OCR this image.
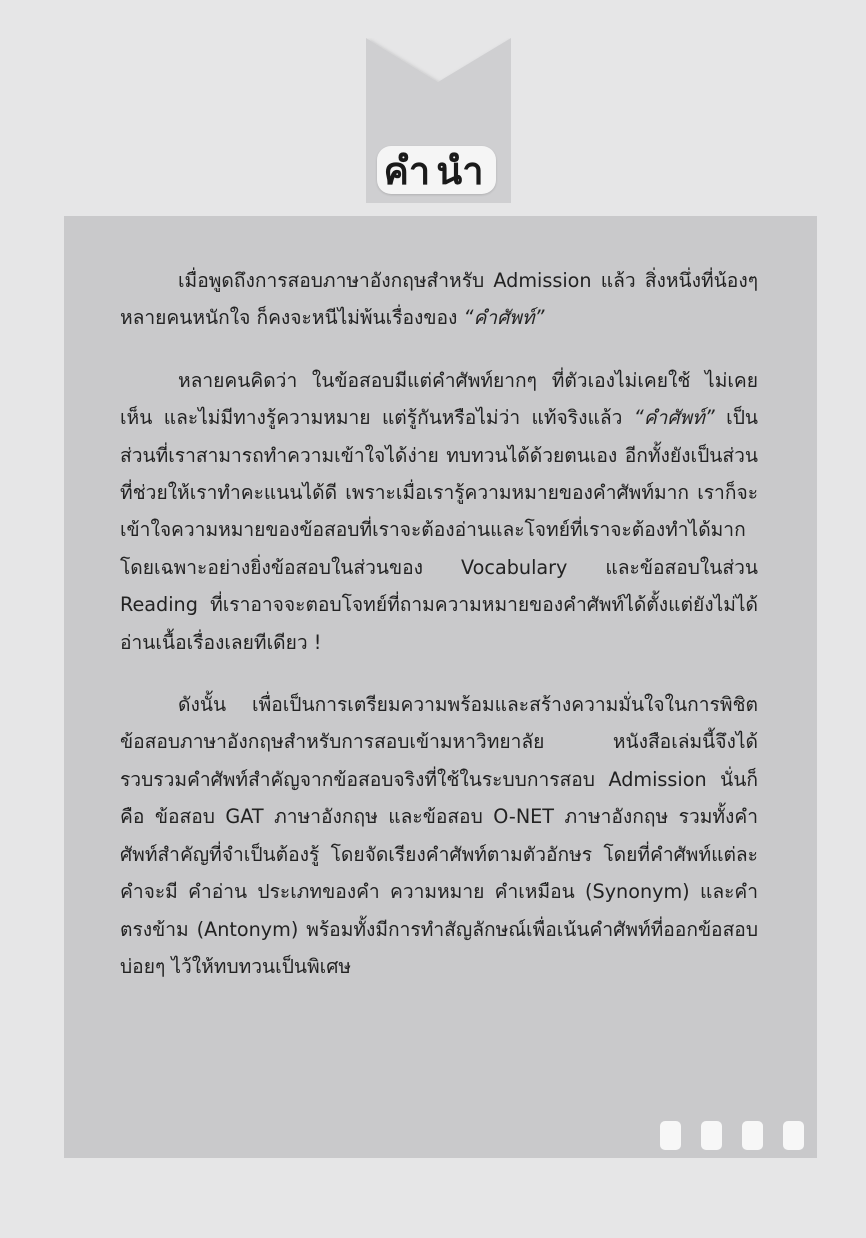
คำนำ

เมื่อพูดถึงการสอบภาษาอังกฤษสำหรับ Admission แล้ว สิ่งหนึ่งที่น้องๆ หลายคนหนักใจ ก็คงจะหนีไม่พ้นเรื่องของ “คำศัพท์”

หลายคนคิดว่า ในข้อสอบมีแต่คำศัพท์ยากๆ ที่ตัวเองไม่เคยใช้ ไม่เคยเห็น และไม่มีทางรู้ความหมาย แต่รู้กันหรือไม่ว่า แท้จริงแล้ว “คำศัพท์” เป็นส่วนที่เราสามารถทำความเข้าใจได้ง่าย ทบทวนได้ด้วยตนเอง อีกทั้งยังเป็นส่วนที่ช่วยให้เราทำคะแนนได้ดี เพราะเมื่อเรารู้ความหมายของคำศัพท์มาก เราก็จะเข้าใจความหมายของข้อสอบที่เราจะต้องอ่านและโจทย์ที่เราจะต้องทำได้มาก โดยเฉพาะอย่างยิ่งข้อสอบในส่วนของ Vocabulary และข้อสอบในส่วน Reading ที่เราอาจจะตอบโจทย์ที่ถามความหมายของคำศัพท์ได้ตั้งแต่ยังไม่ได้อ่านเนื้อเรื่องเลยทีเดียว !

ดังนั้น เพื่อเป็นการเตรียมความพร้อมและสร้างความมั่นใจในการพิชิตข้อสอบภาษาอังกฤษสำหรับการสอบเข้ามหาวิทยาลัย หนังสือเล่มนี้จึงได้รวบรวมคำศัพท์สำคัญจากข้อสอบจริงที่ใช้ในระบบการสอบ Admission นั่นก็คือ ข้อสอบ GAT ภาษาอังกฤษ และข้อสอบ O-NET ภาษาอังกฤษ รวมทั้งคำศัพท์สำคัญที่จำเป็นต้องรู้ โดยจัดเรียงคำศัพท์ตามตัวอักษร โดยที่คำศัพท์แต่ละคำจะมี คำอ่าน ประเภทของคำ ความหมาย คำเหมือน (Synonym) และคำตรงข้าม (Antonym) พร้อมทั้งมีการทำสัญลักษณ์เพื่อเน้นคำศัพท์ที่ออกข้อสอบบ่อยๆ ไว้ให้ทบทวนเป็นพิเศษ
